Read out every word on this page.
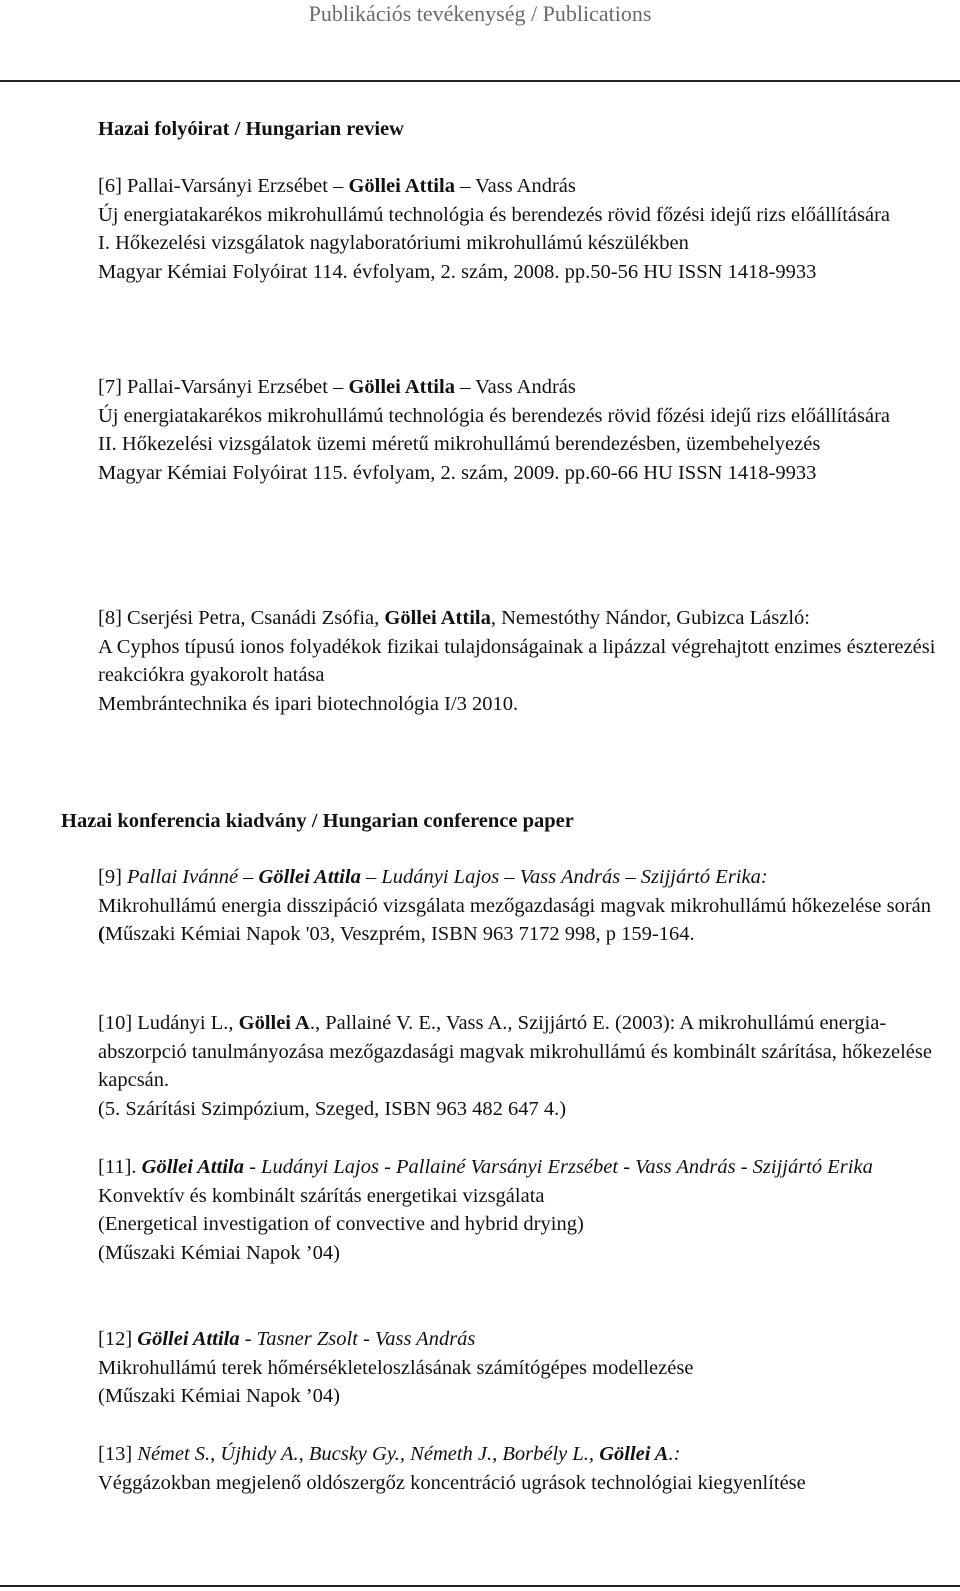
Publikációs tevékenység / Publications
Hazai folyóirat / Hungarian review

[6] Pallai-Varsányi Erzsébet – Göllei Attila – Vass András

Új energiatakarékos mikrohullámú technológia és berendezés rövid főzési idejű rizs előállítására

I. Hőkezelési vizsgálatok nagylaboratóriumi mikrohullámú készülékben

Magyar Kémiai Folyóirat 114. évfolyam, 2. szám, 2008. pp.50-56 HU ISSN 1418-9933

[7] Pallai-Varsányi Erzsébet – Göllei Attila – Vass András

Új energiatakarékos mikrohullámú technológia és berendezés rövid főzési idejű rizs előállítására

II. Hőkezelési vizsgálatok üzemi méretű mikrohullámú berendezésben, üzembehelyezés

Magyar Kémiai Folyóirat 115. évfolyam, 2. szám, 2009. pp.60-66 HU ISSN 1418-9933

[8] Cserjési Petra, Csanádi Zsófia, Göllei Attila, Nemestóthy Nándor, Gubizca László:

A Cyphos típusú ionos folyadékok fizikai tulajdonságainak a lipázzal végrehajtott enzimes észterezési reakciókra gyakorolt hatása

Membrántechnika és ipari biotechnológia I/3 2010.

Hazai konferencia kiadvány / Hungarian conference paper

[9] Pallai Ivánné – Göllei Attila – Ludányi Lajos – Vass András – Szijjártó Erika:

Mikrohullámú energia disszipáció vizsgálata mezőgazdasági magvak mikrohullámú hőkezelése során

(Műszaki Kémiai Napok '03, Veszprém, ISBN 963 7172 998, p 159-164.

[10] Ludányi L., Göllei A., Pallainé V. E., Vass A., Szijjártó E. (2003): A mikrohullámú energia-abszorpció tanulmányozása mezőgazdasági magvak mikrohullámú és kombinált szárítása, hőkezelése kapcsán.

(5. Szárítási Szimpózium, Szeged, ISBN 963 482 647 4.)

[11]. Göllei Attila - Ludányi Lajos - Pallainé Varsányi Erzsébet - Vass András - Szijjártó Erika

Konvektív és kombinált szárítás energetikai vizsgálata

(Energetical investigation of convective and hybrid drying)

(Műszaki Kémiai Napok ’04)

[12] Göllei Attila - Tasner Zsolt - Vass András

Mikrohullámú terek hőmérsékleteloszlásának számítógépes modellezése

(Műszaki Kémiai Napok ’04)

[13] Német S., Újhidy A., Bucsky Gy., Németh J., Borbély L., Göllei A.:

Véggázokban megjelenő oldószergőz koncentráció ugrások technológiai kiegyenlítése
